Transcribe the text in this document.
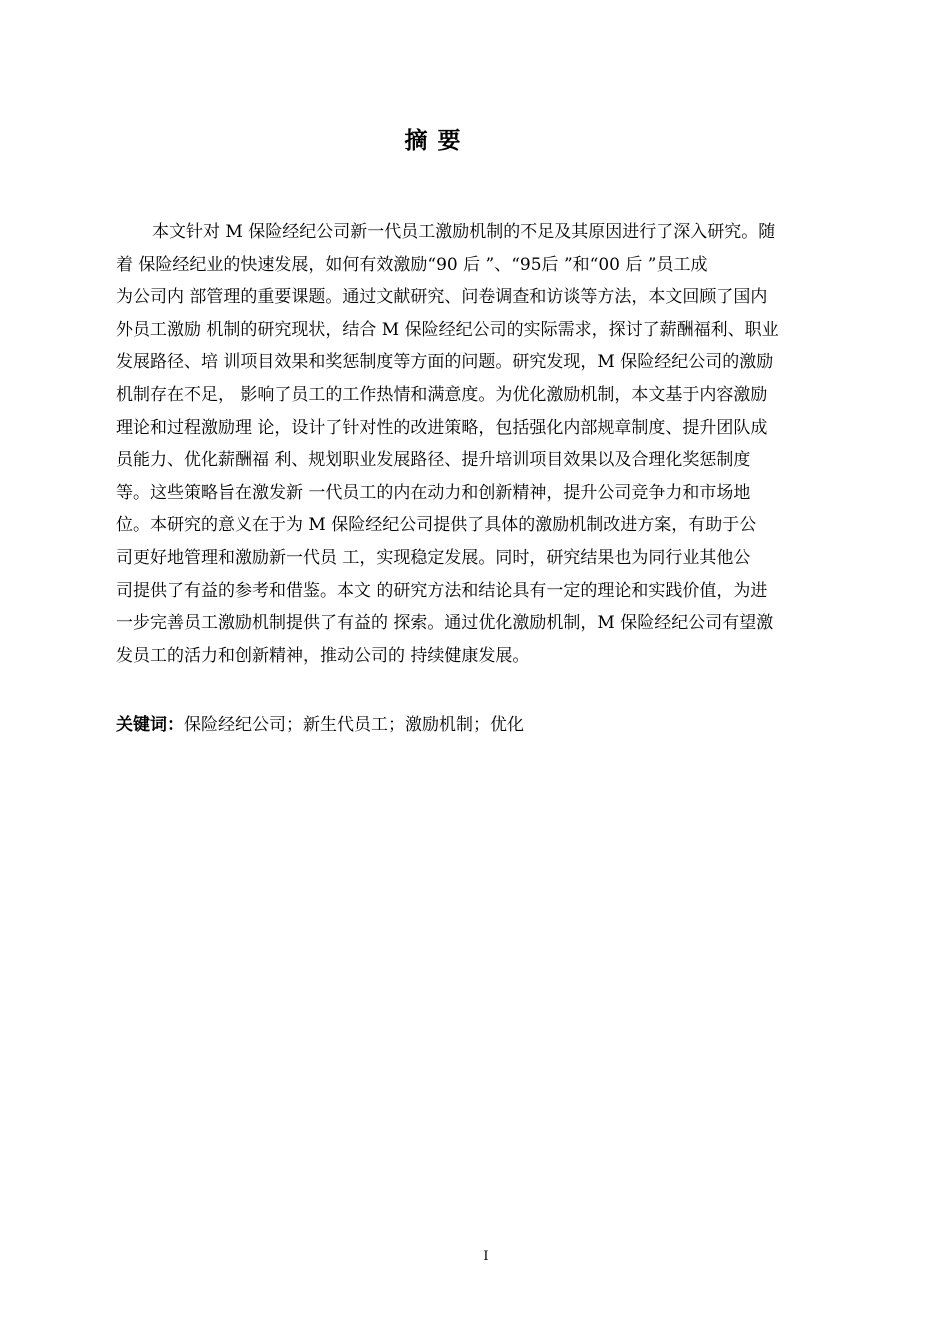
摘 要
本文针对 M 保险经纪公司新一代员工激励机制的不足及其原因进行了深入研究。随
着 保险经纪业的快速发展，如何有效激励“90 后 ”、“95后 ”和“00 后 ”员工成
为公司内 部管理的重要课题。通过文献研究、问卷调查和访谈等方法，本文回顾了国内
外员工激励 机制的研究现状，结合 M 保险经纪公司的实际需求，探讨了薪酬福利、职业
发展路径、培 训项目效果和奖惩制度等方面的问题。研究发现，M 保险经纪公司的激励
机制存在不足， 影响了员工的工作热情和满意度。为优化激励机制，本文基于内容激励
理论和过程激励理 论，设计了针对性的改进策略，包括强化内部规章制度、提升团队成
员能力、优化薪酬福 利、规划职业发展路径、提升培训项目效果以及合理化奖惩制度
等。这些策略旨在激发新 一代员工的内在动力和创新精神，提升公司竞争力和市场地
位。本研究的意义在于为 M 保险经纪公司提供了具体的激励机制改进方案，有助于公
司更好地管理和激励新一代员 工，实现稳定发展。同时，研究结果也为同行业其他公
司提供了有益的参考和借鉴。本文 的研究方法和结论具有一定的理论和实践价值，为进
一步完善员工激励机制提供了有益的 探索。通过优化激励机制，M 保险经纪公司有望激
发员工的活力和创新精神，推动公司的 持续健康发展。
关键词：保险经纪公司；新生代员工；激励机制；优化
I
